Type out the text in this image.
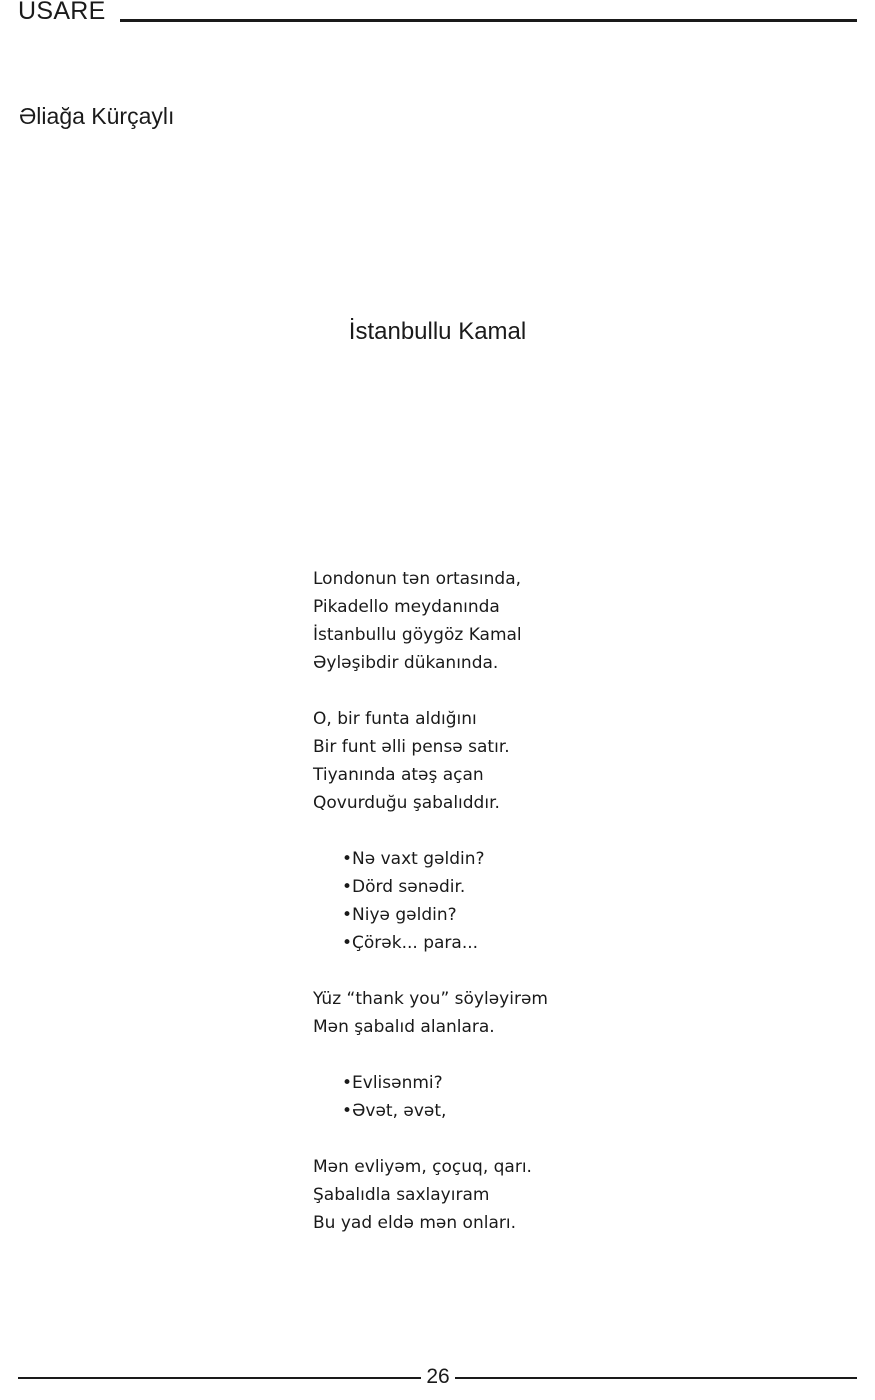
USARE
Əliağa Kürçaylı
İstanbullu Kamal
Londonun tən ortasında,
Pikadello meydanında
İstanbullu göygöz Kamal
Əyləşibdir dükanında.
O, bir funta aldığını
Bir funt əlli pensə satır.
Tiyanında atəş açan
Qovurduğu şabalıddır.
•Nə vaxt gəldin?
•Dörd sənədir.
•Niyə gəldin?
•Çörək... para...
Yüz “thank you” söyləyirəm
Mən şabalıd alanlara.
•Evlisənmi?
•Əvət, əvət,
Mən evliyəm, çoçuq, qarı.
Şabalıdla saxlayıram
Bu yad eldə mən onları.
26
